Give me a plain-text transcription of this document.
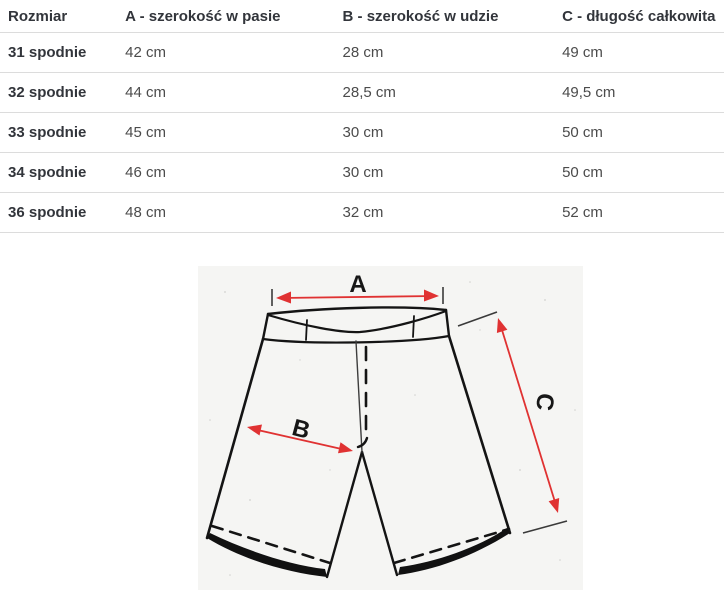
Rozmiar	A - szerokość w pasie	B - szerokość w udzie	C - długość całkowita
31 spodnie	42 cm	28 cm	49 cm
32 spodnie	44 cm	28,5 cm	49,5 cm
33 spodnie	45 cm	30 cm	50 cm
34 spodnie	46 cm	30 cm	50 cm
36 spodnie	48 cm	32 cm	52 cm
A
B
C
